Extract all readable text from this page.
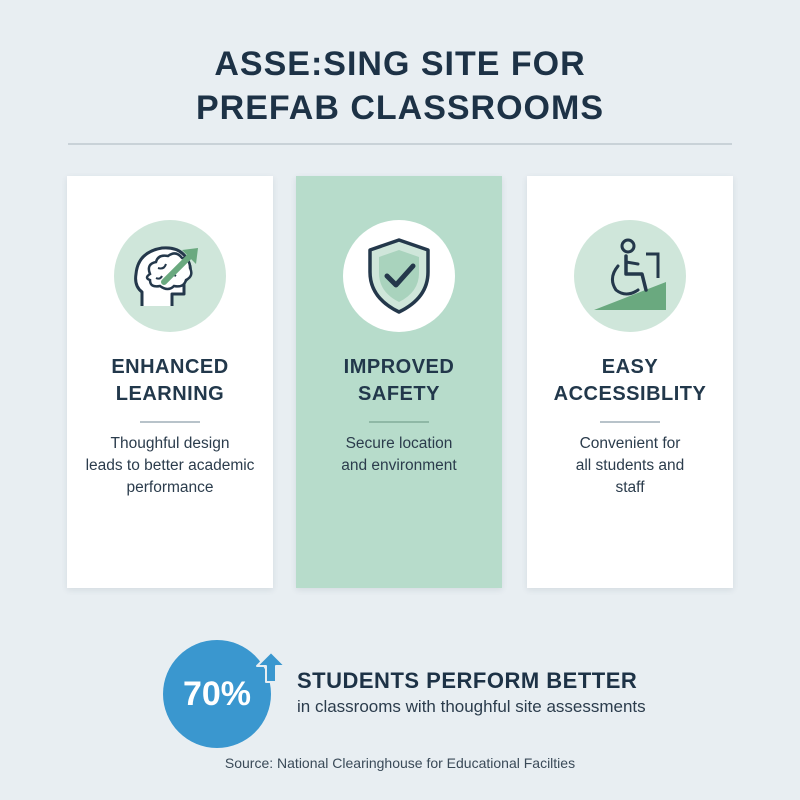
ASSE:SING SITE FOR
PREFAB CLASSROOMS
ENHANCED
LEARNING
Thoughful design
leads to better academic
performance
IMPROVED
SAFETY
Secure location
and environment
EASY
ACCESSIBLITY
Convenient for
all students and
staff
70%	STUDENTS PERFORM BETTER
in classrooms with thoughful site assessments
Source: National Clearinghouse for Educational Facilties
